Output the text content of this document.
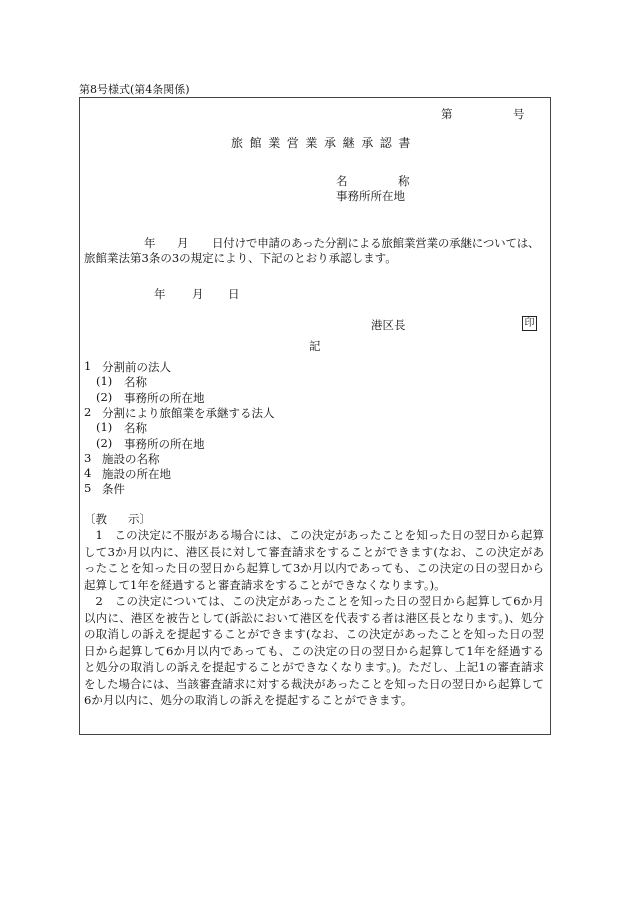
第8号様式(第4条関係)
第	号
旅館業営業承継承認書
名	称
事務所所在地
年 月 日付けで申請のあった分割による旅館業営業の承継については、
旅館業法第3条の3の規定により、下記のとおり承認します。
年 月 日
港区長	印
記
1 分割前の法人
(1) 名称
(2) 事務所の所在地
2 分割により旅館業を承継する法人
(1) 名称
(2) 事務所の所在地
3 施設の名称
4 施設の所在地
5 条件
〔教 示〕
1　この決定に不服がある場合には、この決定があったことを知った日の翌日から起算して3か月以内に、港区長に対して審査請求をすることができます(なお、この決定があったことを知った日の翌日から起算して3か月以内であっても、この決定の日の翌日から起算して1年を経過すると審査請求をすることができなくなります。)。
2　この決定については、この決定があったことを知った日の翌日から起算して6か月以内に、港区を被告として(訴訟において港区を代表する者は港区長となります。)、処分の取消しの訴えを提起することができます(なお、この決定があったことを知った日の翌日から起算して6か月以内であっても、この決定の日の翌日から起算して1年を経過すると処分の取消しの訴えを提起することができなくなります。)。ただし、上記1の審査請求をした場合には、当該審査請求に対する裁決があったことを知った日の翌日から起算して6か月以内に、処分の取消しの訴えを提起することができます。
